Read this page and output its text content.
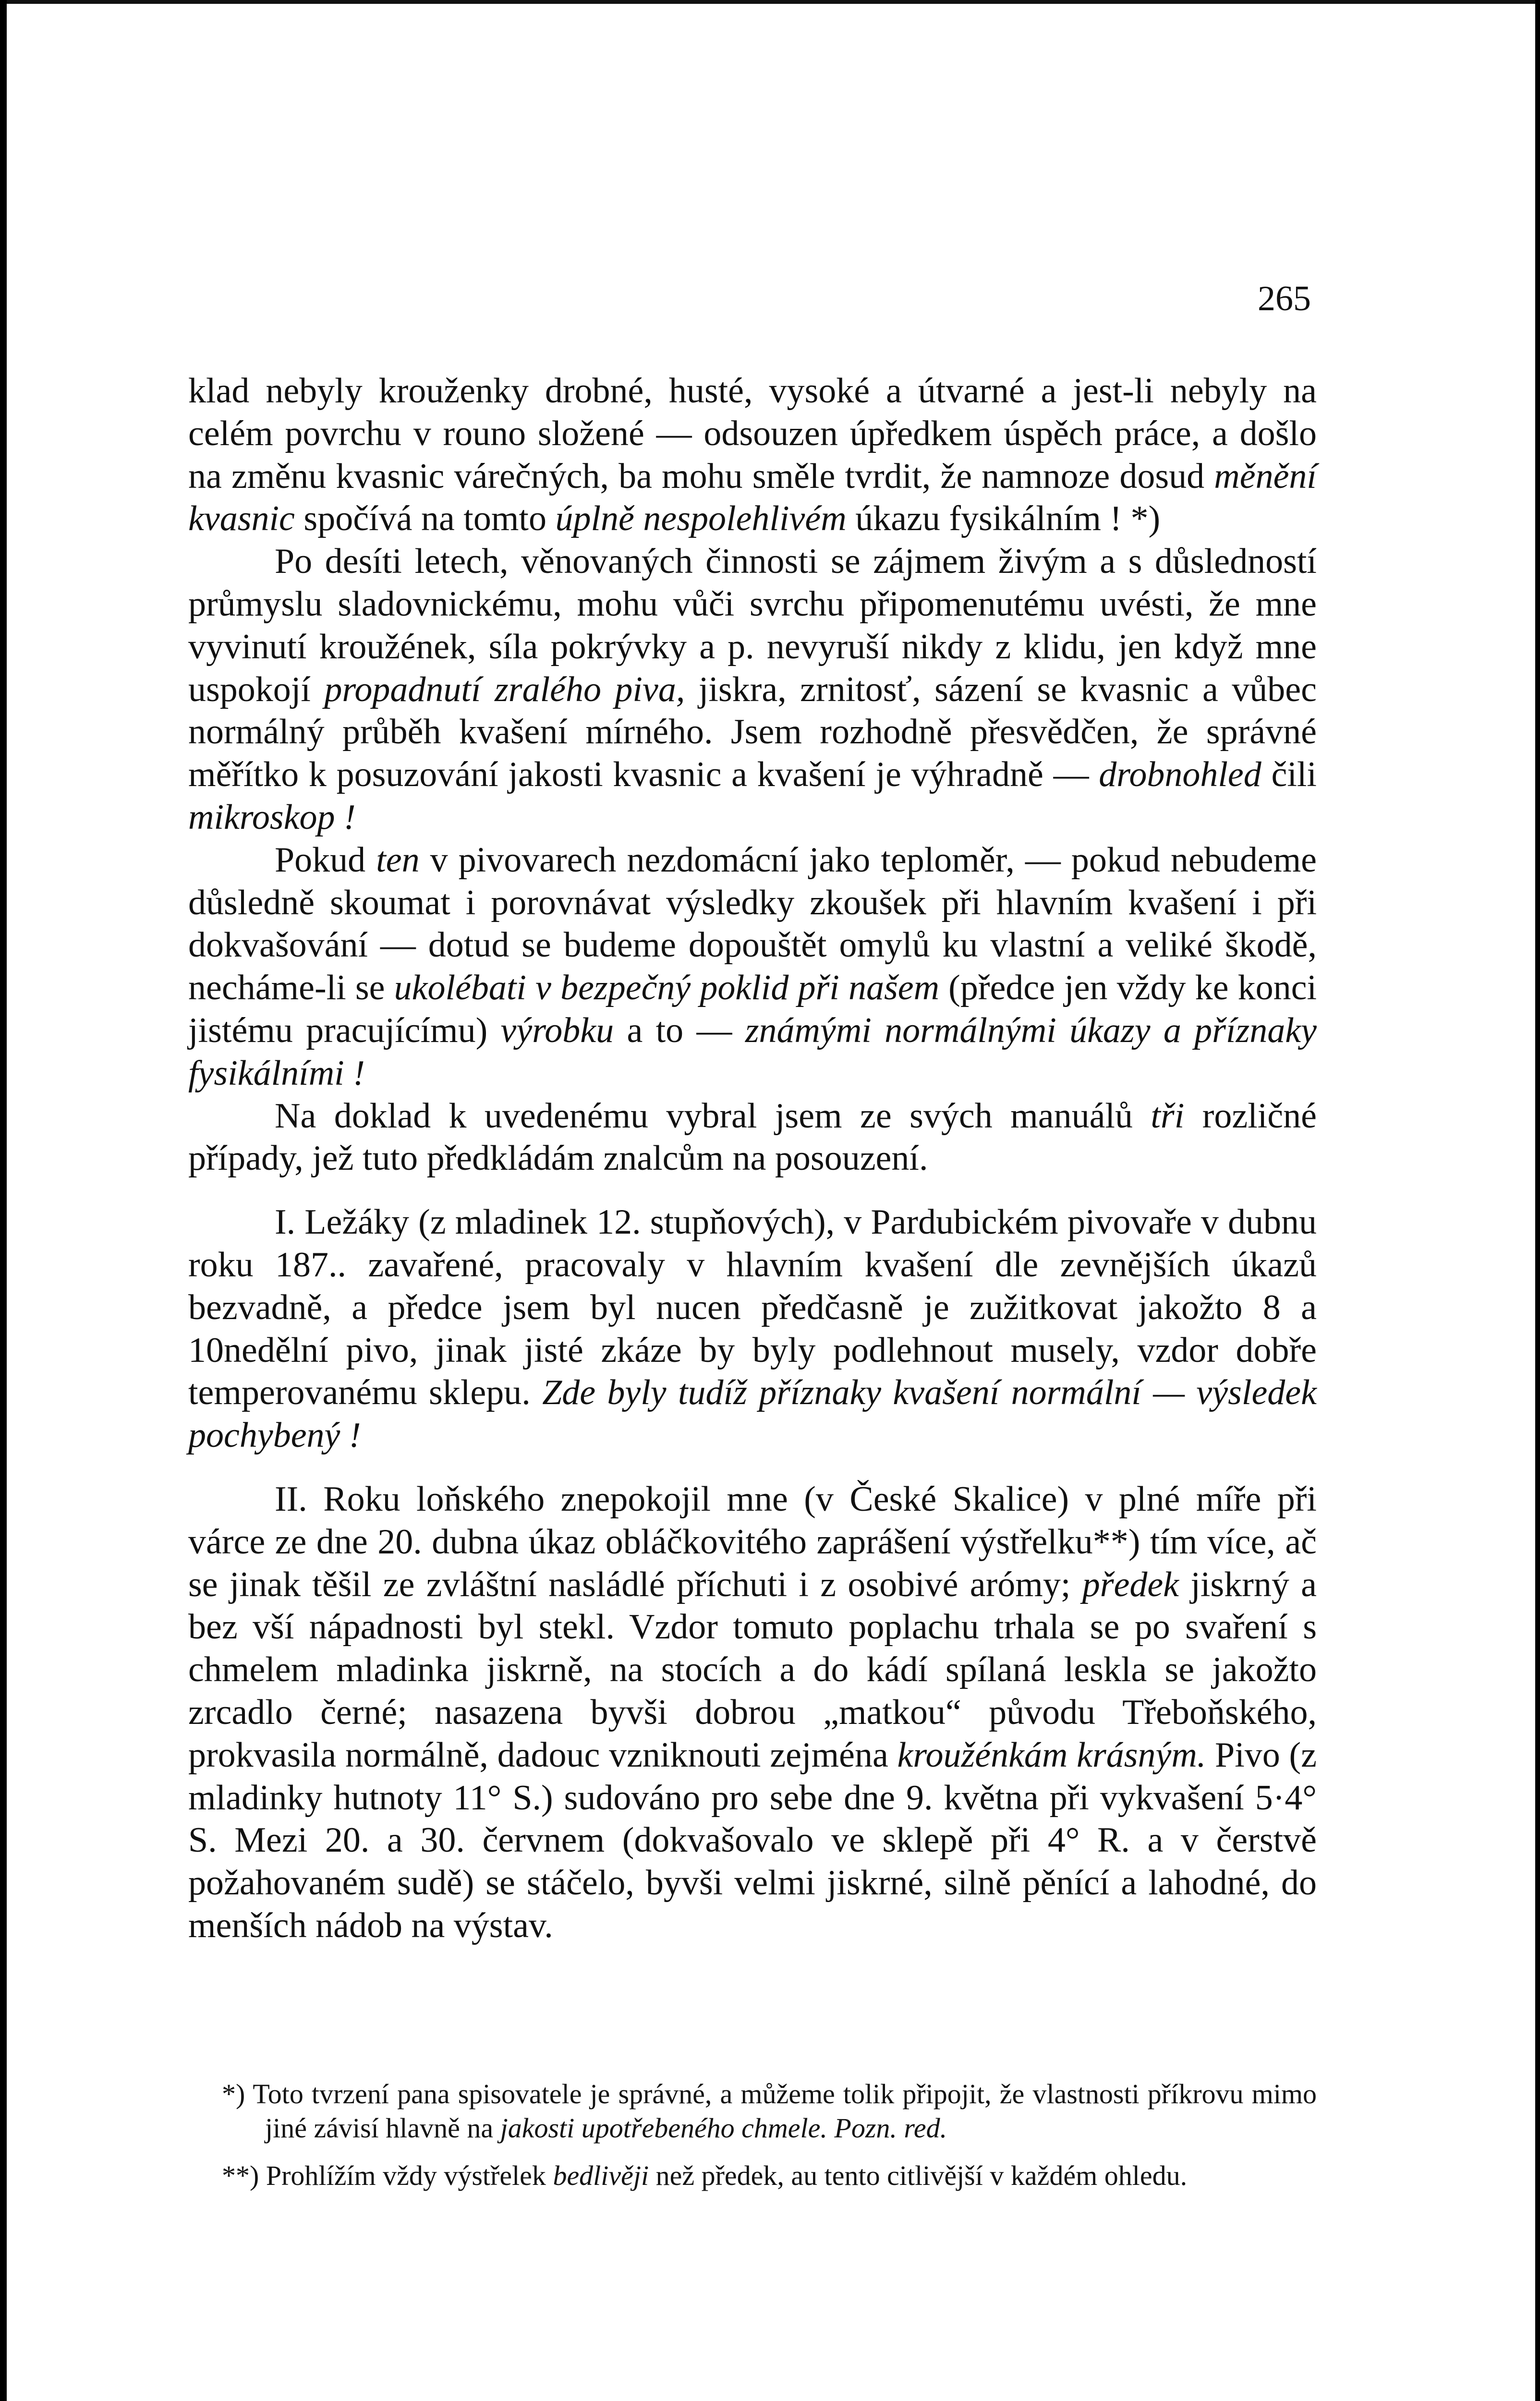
265

klad nebyly krouženky drobné, husté, vysoké a útvarné a jest-li nebyly na celém povrchu v rouno složené — odsouzen úpředkem úspěch práce, a došlo na změnu kvasnic várečných, ba mohu směle tvrdit, že namnoze dosud měnění kvasnic spočívá na tomto úplně nespolehlivém úkazu fysikálním ! *)

Po desíti letech, věnovaných činnosti se zájmem živým a s důsledností průmyslu sladovnickému, mohu vůči svrchu připomenutému uvésti, že mne vyvinutí kroužének, síla pokrývky a p. nevyruší nikdy z klidu, jen když mne uspokojí propadnutí zralého piva, jiskra, zrnitosť, sázení se kvasnic a vůbec normálný průběh kvašení mírného. Jsem rozhodně přesvědčen, že správné měřítko k posuzování jakosti kvasnic a kvašení je výhradně — drobnohled čili mikroskop !

Pokud ten v pivovarech nezdomácní jako teploměr, — pokud nebudeme důsledně skoumat i porovnávat výsledky zkoušek při hlavním kvašení i při dokvašování — dotud se budeme dopouštět omylů ku vlastní a veliké škodě, necháme-li se ukolébati v bezpečný poklid při našem (předce jen vždy ke konci jistému pracujícímu) výrobku a to — známými normálnými úkazy a příznaky fysikálními !

Na doklad k uvedenému vybral jsem ze svých manuálů tři rozličné případy, jež tuto předkládám znalcům na posouzení.

I. Ležáky (z mladinek 12. stupňových), v Pardubickém pivovaře v dubnu roku 187.. zavařené, pracovaly v hlavním kvašení dle zevnějších úkazů bezvadně, a předce jsem byl nucen předčasně je zužitkovat jakožto 8 a 10nedělní pivo, jinak jisté zkáze by byly podlehnout musely, vzdor dobře temperovanému sklepu. Zde byly tudíž příznaky kvašení normální — výsledek pochybený !

II. Roku loňského znepokojil mne (v České Skalice) v plné míře při várce ze dne 20. dubna úkaz obláčkovitého zaprášení výstřelku**) tím více, ač se jinak těšil ze zvláštní nasládlé příchuti i z osobivé arómy; předek jiskrný a bez vší nápadnosti byl stekl. Vzdor tomuto poplachu trhala se po svaření s chmelem mladinka jiskrně, na stocích a do kádí spílaná leskla se jakožto zrcadlo černé; nasazena byvši dobrou „matkou“ původu Třeboňského, prokvasila normálně, dadouc vzniknouti zejména kroužénkám krásným. Pivo (z mladinky hutnoty 11° S.) sudováno pro sebe dne 9. května při vykvašení 5·4° S. Mezi 20. a 30. červnem (dokvašovalo ve sklepě při 4° R. a v čerstvě požahovaném sudě) se stáčelo, byvši velmi jiskrné, silně pěnící a lahodné, do menších nádob na výstav.

*) Toto tvrzení pana spisovatele je správné, a můžeme tolik připojit, že vlastnosti příkrovu mimo jiné závisí hlavně na jakosti upotřebeného chmele. Pozn. red.

**) Prohlížím vždy výstřelek bedlivěji než předek, au tento citlivější v každém ohledu.
